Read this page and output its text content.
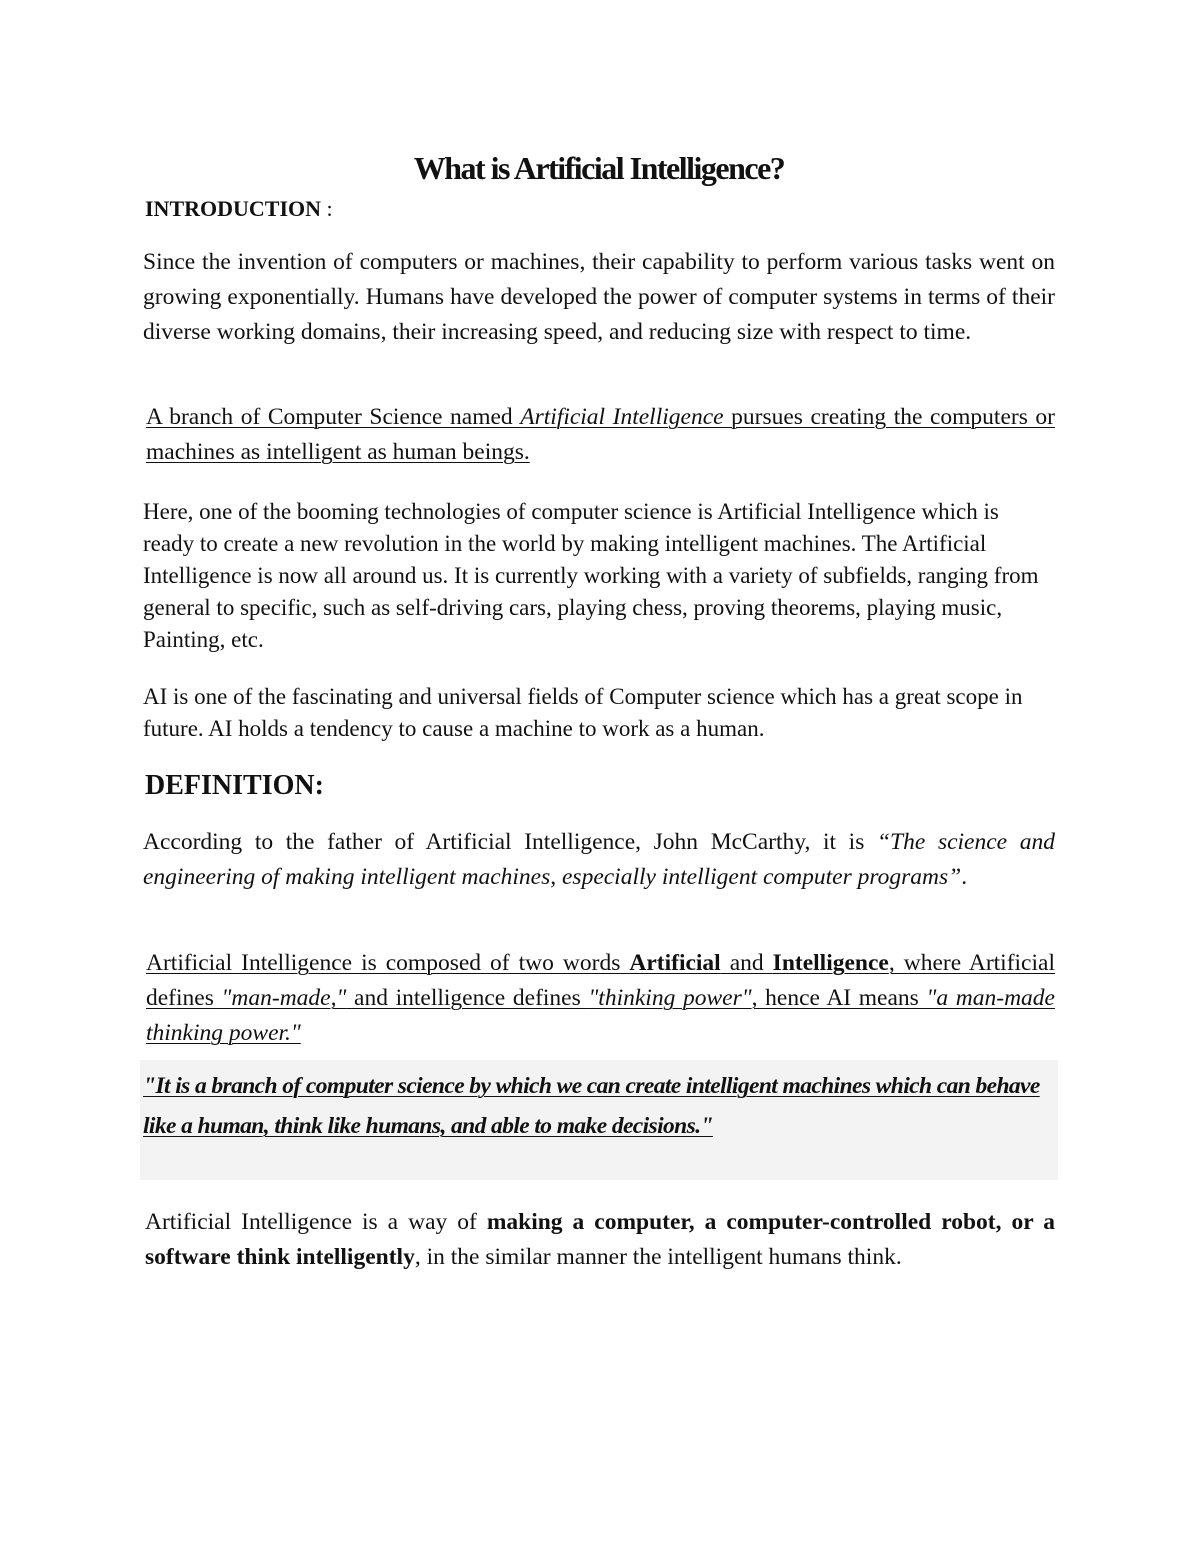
What is Artificial Intelligence?
INTRODUCTION :

Since the invention of computers or machines, their capability to perform various tasks went on growing exponentially. Humans have developed the power of computer systems in terms of their diverse working domains, their increasing speed, and reducing size with respect to time.

A branch of Computer Science named Artificial Intelligence pursues creating the computers or machines as intelligent as human beings.

Here, one of the booming technologies of computer science is Artificial Intelligence which is ready to create a new revolution in the world by making intelligent machines. The Artificial Intelligence is now all around us. It is currently working with a variety of subfields, ranging from general to specific, such as self-driving cars, playing chess, proving theorems, playing music, Painting, etc.

AI is one of the fascinating and universal fields of Computer science which has a great scope in future. AI holds a tendency to cause a machine to work as a human.

DEFINITION:

According to the father of Artificial Intelligence, John McCarthy, it is “The science and engineering of making intelligent machines, especially intelligent computer programs”.

Artificial Intelligence is composed of two words Artificial and Intelligence, where Artificial defines "man-made," and intelligence defines "thinking power", hence AI means "a man-made thinking power."

"It is a branch of computer science by which we can create intelligent machines which can behave like a human, think like humans, and able to make decisions."

Artificial Intelligence is a way of making a computer, a computer-controlled robot, or a software think intelligently, in the similar manner the intelligent humans think.
